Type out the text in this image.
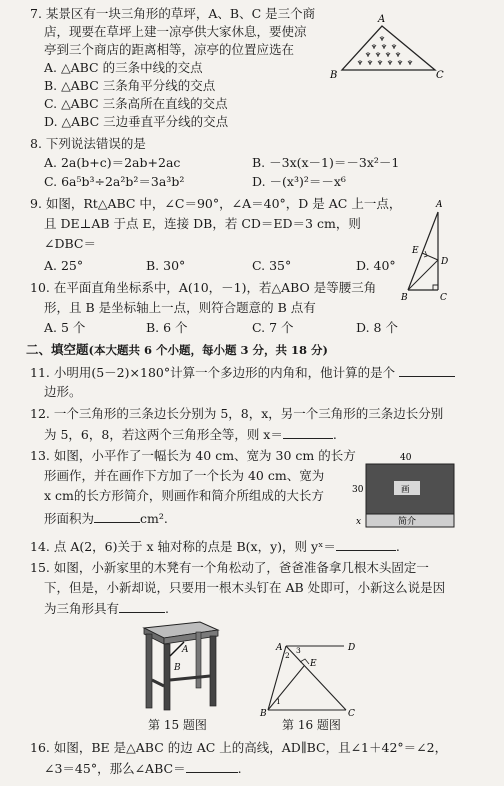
7. 某景区有一块三角形的草坪，A、B、C 是三个商
店，现要在草坪上建一凉亭供大家休息，要使凉
亭到三个商店的距离相等，凉亭的位置应选在
A. △ABC 的三条中线的交点
B. △ABC 三条角平分线的交点
C. △ABC 三条高所在直线的交点
D. △ABC 三边垂直平分线的交点
A
B	C
8. 下列说法错误的是
A. 2a(b+c)＝2ab+2ac	B. －3x(x－1)＝－3x²－1
C. 6a⁵b³÷2a²b²＝3a³b²	D. －(x³)²＝－x⁶
9. 如图，Rt△ABC 中，∠C＝90°，∠A＝40°，D 是 AC 上一点，
且 DE⊥AB 于点 E，连接 DB，若 CD＝ED＝3 cm，则
∠DBC＝
A. 25°	B. 30°	C. 35°	D. 40°
A
E
D
B	C
10. 在平面直角坐标系中，A(10，－1)，若△ABO 是等腰三角
形，且 B 是坐标轴上一点，则符合题意的 B 点有
A. 5 个	B. 6 个	C. 7 个	D. 8 个
二、填空题(本大题共 6 个小题，每小题 3 分，共 18 分)
11. 小明用(5－2)×180°计算一个多边形的内角和，他计算的是个
边形。
12. 一个三角形的三条边长分别为 5，8，x，另一个三角形的三条边长分别
为 5，6，8，若这两个三角形全等，则 x＝	.
13. 如图，小平作了一幅长为 40 cm、宽为 30 cm 的长方
形画作，并在画作下方加了一个长为 40 cm、宽为
x cm的长方形简介，则画作和简介所组成的大长方
形面积为	cm².
40
画
30
简介
x
14. 点 A(2，6)关于 x 轴对称的点是 B(x，y)，则 yˣ＝	.
15. 如图，小新家里的木凳有一个角松动了，爸爸准备拿几根木头固定一
下，但是，小新却说，只要用一根木头钉在 AB 处即可，小新这么说是因
为三角形具有	.
A
B
第 15 题图
A	D
E
B	C
3
2
1
第 16 题图
16. 如图，BE 是△ABC 的边 AC 上的高线，AD∥BC，且∠1＋42°＝∠2，
∠3＝45°，那么∠ABC＝	.
